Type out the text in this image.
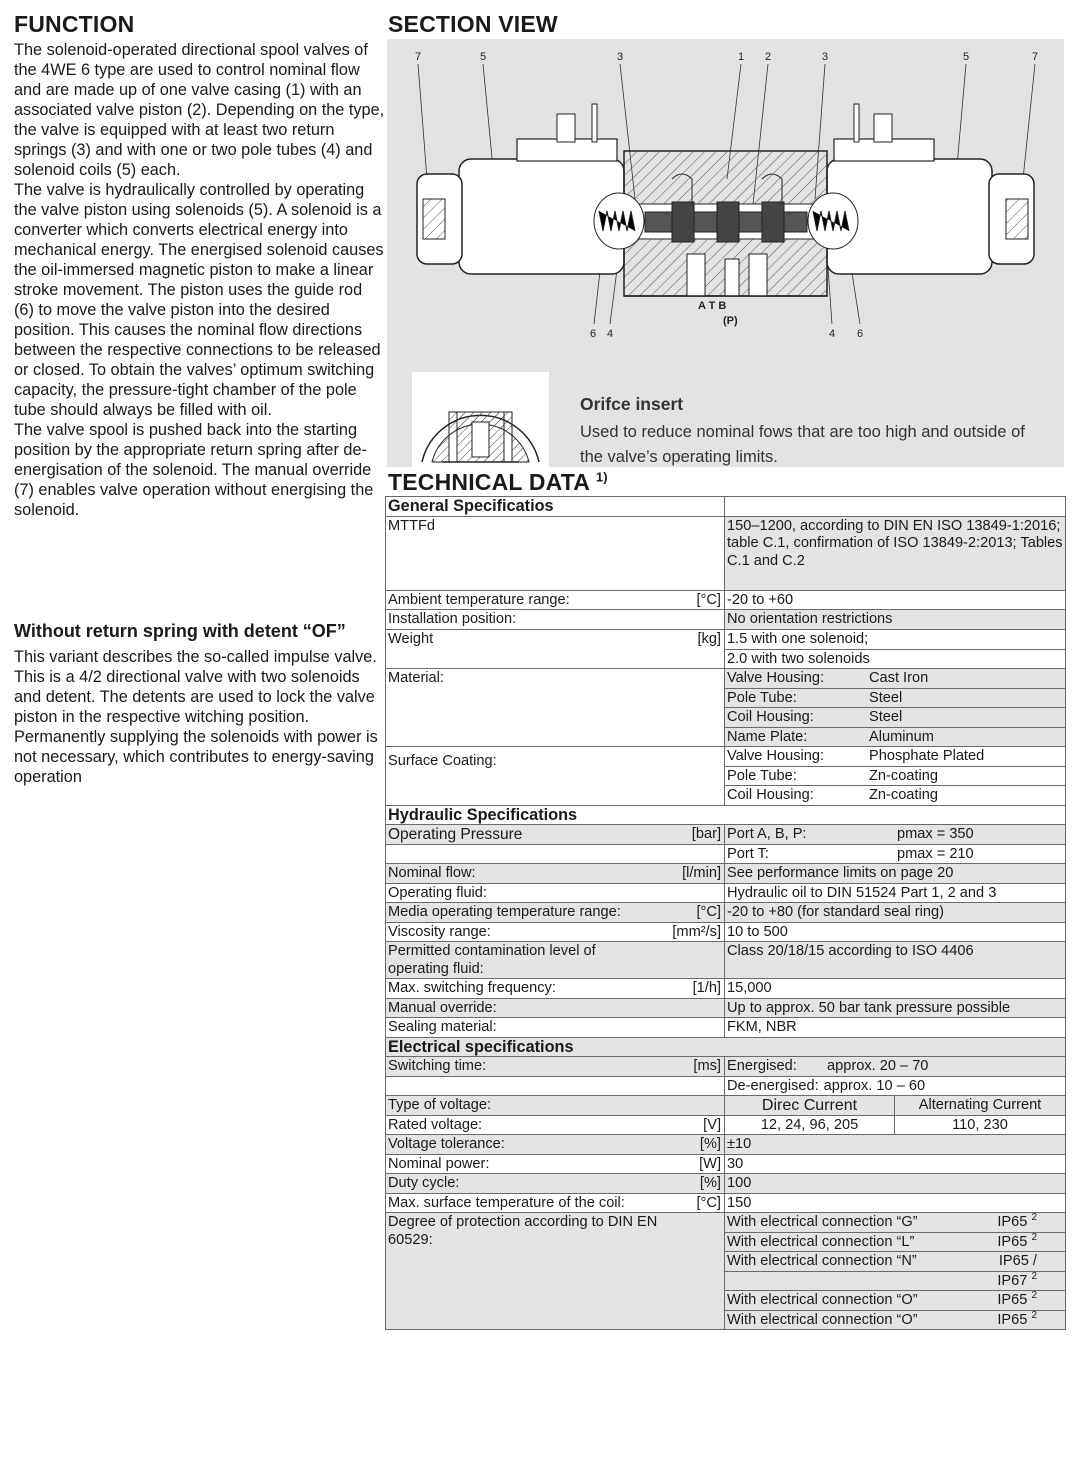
FUNCTION

The solenoid-operated directional spool valves of the 4WE 6 type are used to control nominal flow and are made up of one valve casing (1) with an associated valve piston (2). Depending on the type, the valve is equipped with at least two return springs (3) and with one or two pole tubes (4) and solenoid coils (5) each.

The valve is hydraulically controlled by operating the valve piston using solenoids (5). A solenoid is a converter which converts electrical energy into mechanical energy. The energised solenoid causes the oil-immersed magnetic piston to make a linear stroke movement. The piston uses the guide rod (6) to move the valve piston into the desired position. This causes the nominal flow directions between the respective connections to be released or closed. To obtain the valves’ optimum switching capacity, the pressure-tight chamber of the pole tube should always be filled with oil.

The valve spool is pushed back into the starting position by the appropriate return spring after de-energisation of the solenoid. The manual override (7) enables valve operation without energising the solenoid.

Without return spring with detent “OF”

This variant describes the so-called impulse valve. This is a 4/2 directional valve with two solenoids and detent. The detents are used to lock the valve piston in the respective witching position.

Permanently supplying the solenoids with power is not necessary, which contributes to energy-saving operation

SECTION VIEW
7	5	3	1 2	3	5	7
6 4	4 6
A T B
(P)
Orifce insert
Used to reduce nominal fows that are too high and outside of the valve’s operating limits.
TECHNICAL DATA $^{1)}$
General Specificatios		
MTTFd	150–1200, according to DIN EN ISO 13849-1:2016; table C.1, confirmation of ISO 13849-2:2013; Tables C.1 and C.2	

Ambient temperature range: [°C]	-20 to +60	
Installation position:	No orientation restrictions	

Weight [kg]	1.5 with one solenoid;	
	2.0 with two solenoids	
Material:	Valve Housing: Cast Iron	

	Pole Tube: Steel	

	Coil Housing: Steel	

	Name Plate: Aluminum	

Surface Coating:	Valve Housing: Phosphate Plated	

	Pole Tube: Zn-coating	

	Coil Housing: Zn-coating	

Hydraulic Specifications		

Operating Pressure [bar]	Port A, B, P: pmax = 350	

	Port T: pmax = 210	

Nominal flow: [l/min]	See performance limits on page 20	
Operating fluid:	Hydraulic oil to DIN 51524 Part 1, 2 and 3	

Media operating temperature range: [°C]	-20 to +80 (for standard seal ring)	

Viscosity range: [mm²/s]	10 to 500	
Permitted contamination level of operating fluid:	Class 20/18/15 according to ISO 4406	

Max. switching frequency: [1/h]	15,000	
Manual override:	Up to approx. 50 bar tank pressure possible	
Sealing material:	FKM, NBR	
Electrical specifications		

Switching time: [ms]	Energised: approx. 20 – 70	

	De-energised: approx. 10 – 60	

Type of voltage:	Direc Current	Alternating Current

Rated voltage: [V]	12, 24, 96, 205	110, 230

Voltage tolerance: [%]	±10	

Nominal power: [W]	30	

Duty cycle: [%]	100	

Max. surface temperature of the coil: [°C]	150	
Degree of protection according to DIN EN 60529:	With electrical connection “G” IP65 $^2$

	With electrical connection “L” IP65 $^2$

	With electrical connection “N” IP65 /	

	IP67 $^2$

	With electrical connection “O” IP65 $^2$

	With electrical connection “O” IP65 $^2$
